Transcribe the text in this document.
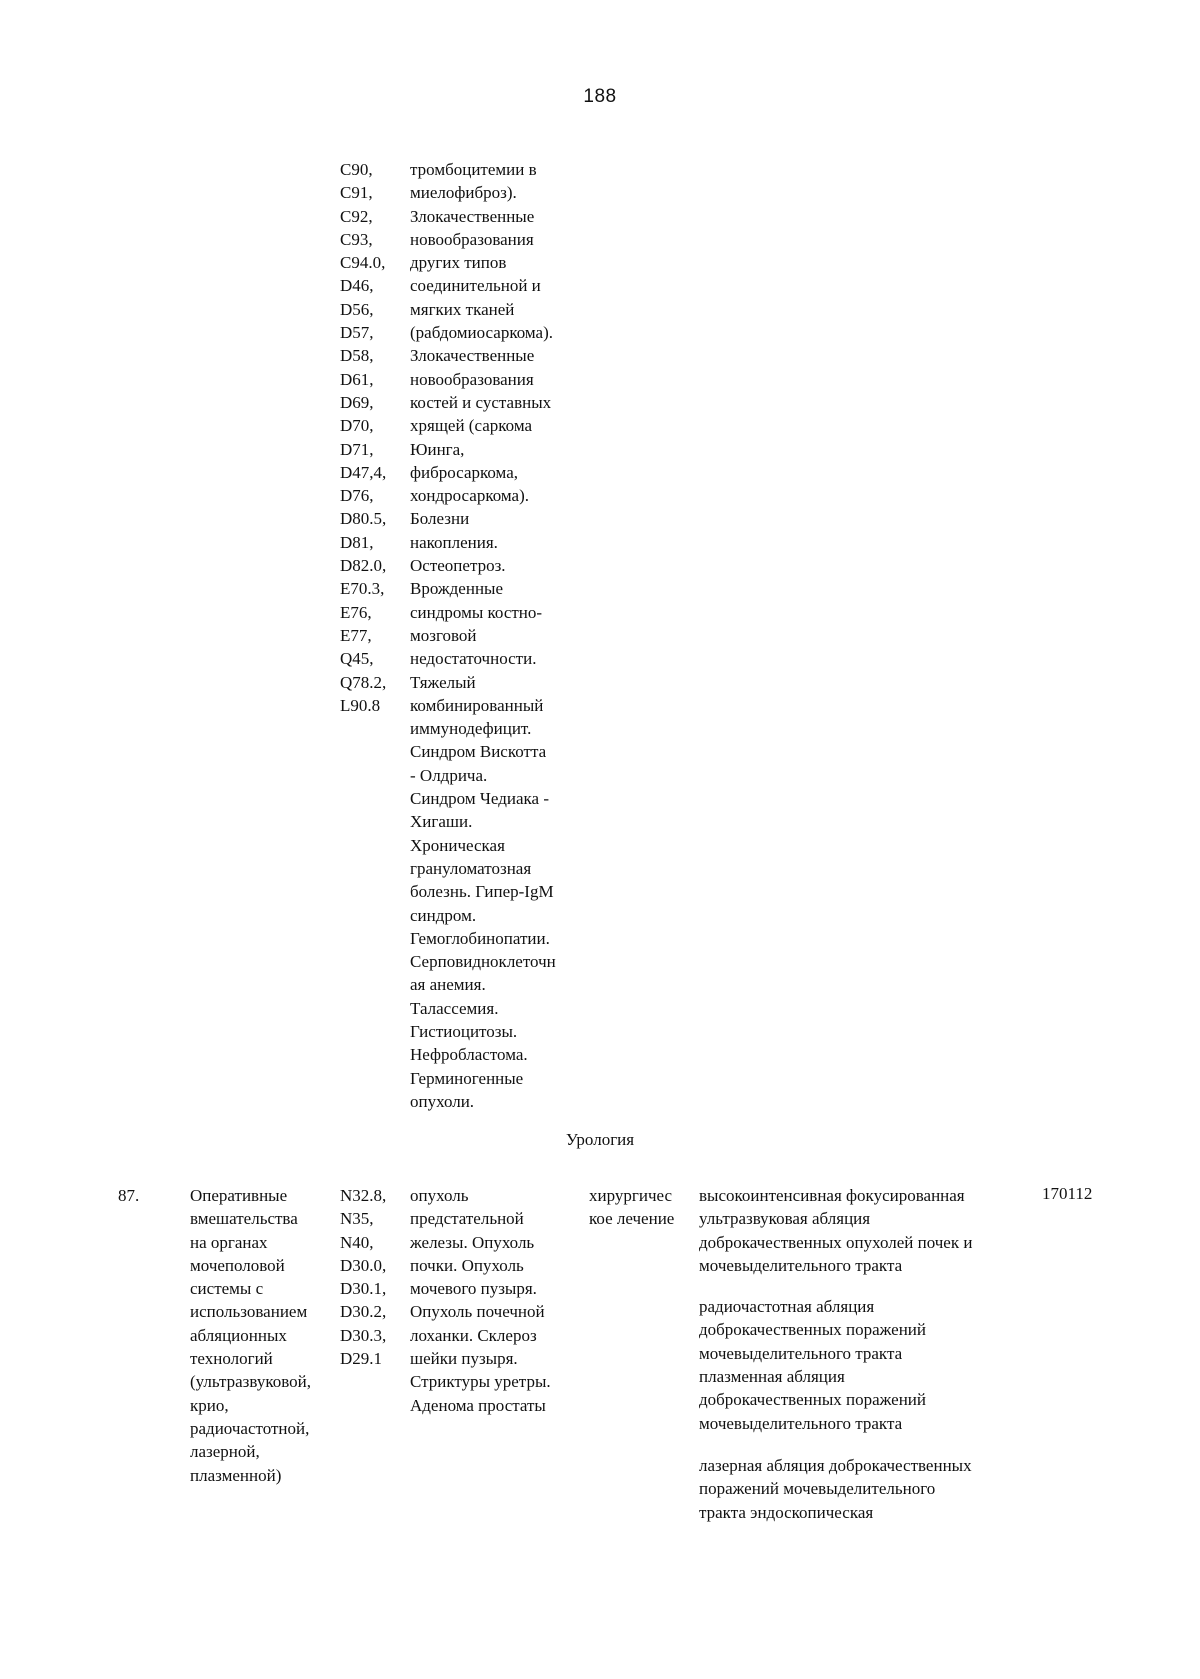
188
C90,
C91,
C92,
C93,
C94.0,
D46,
D56,
D57,
D58,
D61,
D69,
D70,
D71,
D47,4,
D76,
D80.5,
D81,
D82.0,
E70.3,
E76,
E77,
Q45,
Q78.2,
L90.8
тромбоцитемии в
миелофиброз).
Злокачественные
новообразования
других типов
соединительной и
мягких тканей
(рабдомиосаркома).
Злокачественные
новообразования
костей и суставных
хрящей (саркома
Юинга,
фибросаркома,
хондросаркома).
Болезни
накопления.
Остеопетроз.
Врожденные
синдромы костно-
мозговой
недостаточности.
Тяжелый
комбинированный
иммунодефицит.
Синдром Вискотта
- Олдрича.
Синдром Чедиака -
Хигаши.
Хроническая
грануломатозная
болезнь. Гипер-IgM
синдром.
Гемоглобинопатии.
Серповидноклеточн
ая анемия.
Талассемия.
Гистиоцитозы.
Нефробластома.
Герминогенные
опухоли.
Урология
87.	Оперативные
вмешательства
на органах
мочеполовой
системы с
использованием
абляционных
технологий
(ультразвуковой,
крио,
радиочастотной,
лазерной,
плазменной)
N32.8,
N35,
N40,
D30.0,
D30.1,
D30.2,
D30.3,
D29.1
опухоль
предстательной
железы. Опухоль
почки. Опухоль
мочевого пузыря.
Опухоль почечной
лоханки. Склероз
шейки пузыря.
Стриктуры уретры.
Аденома простаты
хирургичес
кое лечение
высокоинтенсивная фокусированная
ультразвуковая абляция
доброкачественных опухолей почек и
мочевыделительного тракта
радиочастотная абляция
доброкачественных поражений
мочевыделительного тракта
плазменная абляция
доброкачественных поражений
мочевыделительного тракта
лазерная абляция доброкачественных
поражений мочевыделительного
тракта эндоскопическая
170112
